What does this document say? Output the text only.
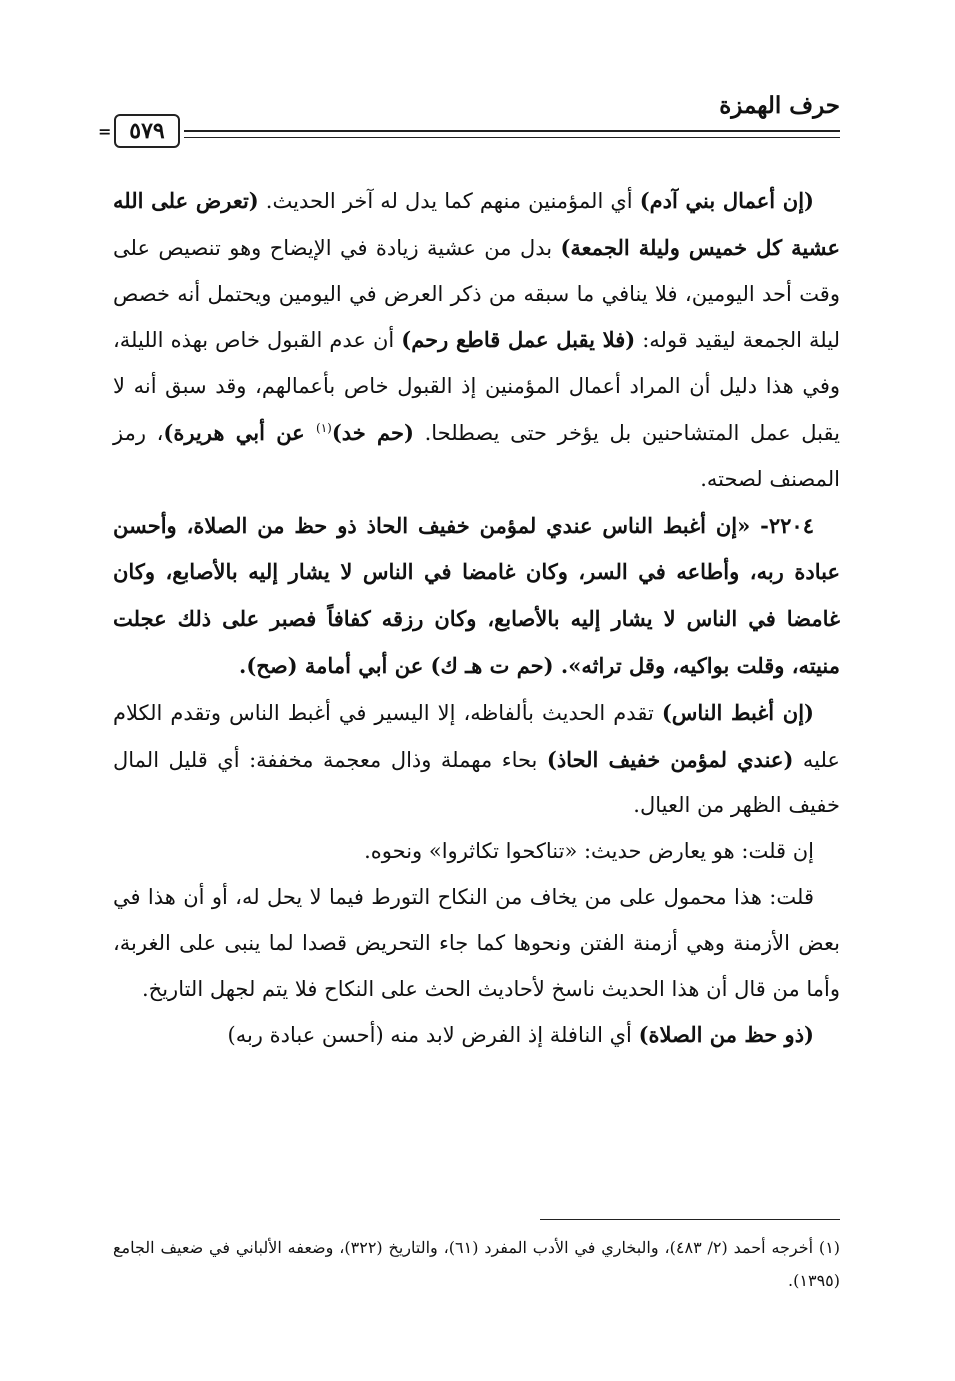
حرف الهمزة
= ٥٧٩

(إن أعمال بني آدم) أي المؤمنين منهم كما يدل له آخر الحديث. (تعرض على الله عشية كل خميس وليلة الجمعة) بدل من عشية زيادة في الإيضاح وهو تنصيص على وقت أحد اليومين، فلا ينافي ما سبقه من ذكر العرض في اليومين ويحتمل أنه خصص ليلة الجمعة ليقيد قوله: (فلا يقبل عمل قاطع رحم) أن عدم القبول خاص بهذه الليلة، وفي هذا دليل أن المراد أعمال المؤمنين إذ القبول خاص بأعمالهم، وقد سبق أنه لا يقبل عمل المتشاحنين بل يؤخر حتى يصطلحا. (حم خد)$^{(١)}$ عن أبي هريرة)، رمز المصنف لصحته.

٢٢٠٤- «إن أغبط الناس عندي لمؤمن خفيف الحاذ ذو حظ من الصلاة، وأحسن عبادة ربه، وأطاعه في السر، وكان غامضا في الناس لا يشار إليه بالأصابع، وكان غامضا في الناس لا يشار إليه بالأصابع، وكان رزقه كفافاً فصبر على ذلك عجلت منيته، وقلت بواكيه، وقل تراثه». (حم ت هـ ك) عن أبي أمامة (صح).

(إن أغبط الناس) تقدم الحديث بألفاظه، إلا اليسير في أغبط الناس وتقدم الكلام عليه (عندي لمؤمن خفيف الحاذ) بحاء مهملة وذال معجمة مخففة: أي قليل المال خفيف الظهر من العيال.

إن قلت: هو يعارض حديث: «تناكحوا تكاثروا» ونحوه.

قلت: هذا محمول على من يخاف من النكاح التورط فيما لا يحل له، أو أن هذا في بعض الأزمنة وهي أزمنة الفتن ونحوها كما جاء التحريض قصدا لما ينبى على الغربة، وأما من قال أن هذا الحديث ناسخ لأحاديث الحث على النكاح فلا يتم لجهل التاريخ.

(ذو حظ من الصلاة) أي النافلة إذ الفرض لابد منه (أحسن عبادة ربه)

(١) أخرجه أحمد (٢/ ٤٨٣)، والبخاري في الأدب المفرد (٦١)، والتاريخ (٣٢٢)، وضعفه الألباني في ضعيف الجامع (١٣٩٥).
